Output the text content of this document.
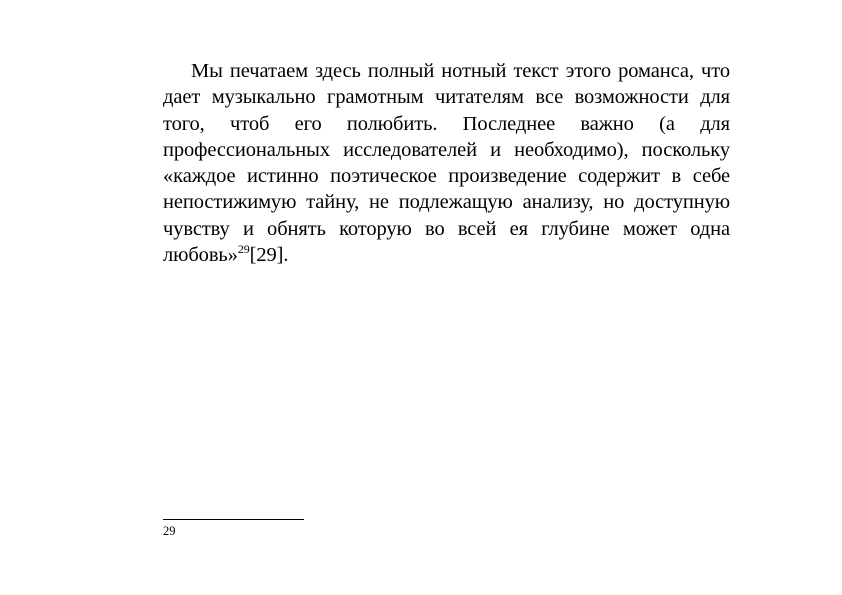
Мы печатаем здесь полный нотный текст этого романса, что дает музыкально грамотным читателям все возможности для того, чтоб его полюбить. Последнее важно (а для профессиональных исследователей и необходимо), поскольку «каждое истинно поэтическое произведение содержит в себе непостижимую тайну, не подлежащую анализу, но доступную чувству и обнять которую во всей ея глубине может одна любовь»$^{29}$[29].

29
